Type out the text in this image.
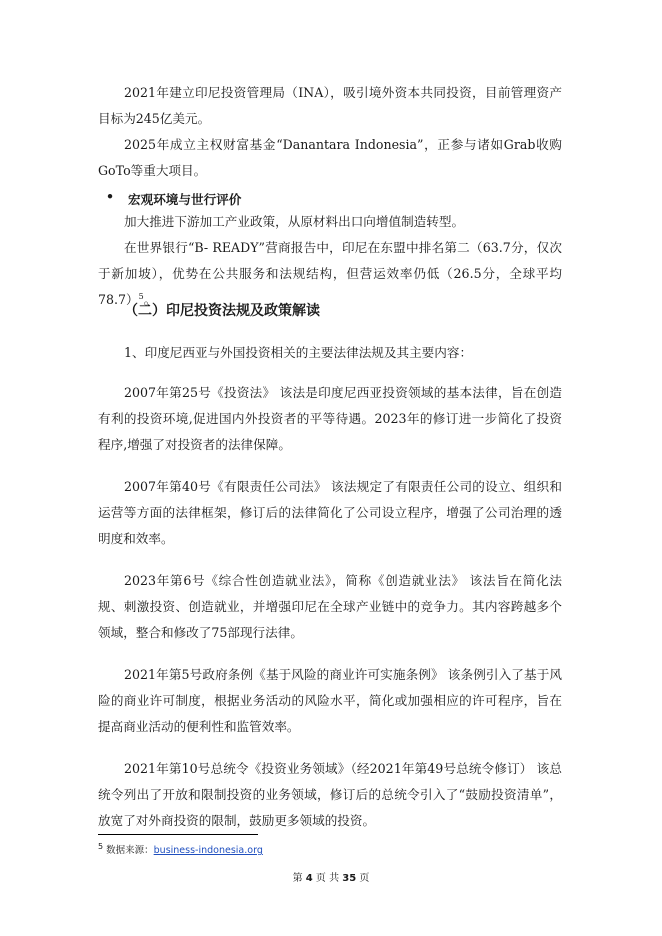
2021年建立印尼投资管理局（INA），吸引境外资本共同投资，目前管理资产目标为245亿美元。

2025年成立主权财富基金“Danantara Indonesia”，正参与诸如Grab收购GoTo等重大项目。

• 宏观环境与世行评价

加大推进下游加工产业政策，从原材料出口向增值制造转型。

在世界银行“B- READY”营商报告中，印尼在东盟中排名第二（63.7分，仅次于新加坡），优势在公共服务和法规结构，但营运效率仍低（26.5分，全球平均78.7）$^5$。

（二）印尼投资法规及政策解读

1、印度尼西亚与外国投资相关的主要法律法规及其主要内容：

2007年第25号《投资法》 该法是印度尼西亚投资领域的基本法律，旨在创造有利的投资环境,促进国内外投资者的平等待遇。2023年的修订进一步简化了投资程序,增强了对投资者的法律保障。

2007年第40号《有限责任公司法》 该法规定了有限责任公司的设立、组织和运营等方面的法律框架，修订后的法律简化了公司设立程序，增强了公司治理的透明度和效率。

2023年第6号《综合性创造就业法》，简称《创造就业法》 该法旨在简化法规、刺激投资、创造就业，并增强印尼在全球产业链中的竞争力。其内容跨越多个领域，整合和修改了75部现行法律。

2021年第5号政府条例《基于风险的商业许可实施条例》 该条例引入了基于风险的商业许可制度，根据业务活动的风险水平，简化或加强相应的许可程序，旨在提高商业活动的便利性和监管效率。

2021年第10号总统令《投资业务领域》（经2021年第49号总统令修订） 该总统令列出了开放和限制投资的业务领域，修订后的总统令引入了“鼓励投资清单”，放宽了对外商投资的限制，鼓励更多领域的投资。

$^5$ 数据来源：business-indonesia.org
第 4 页 共 35 页
